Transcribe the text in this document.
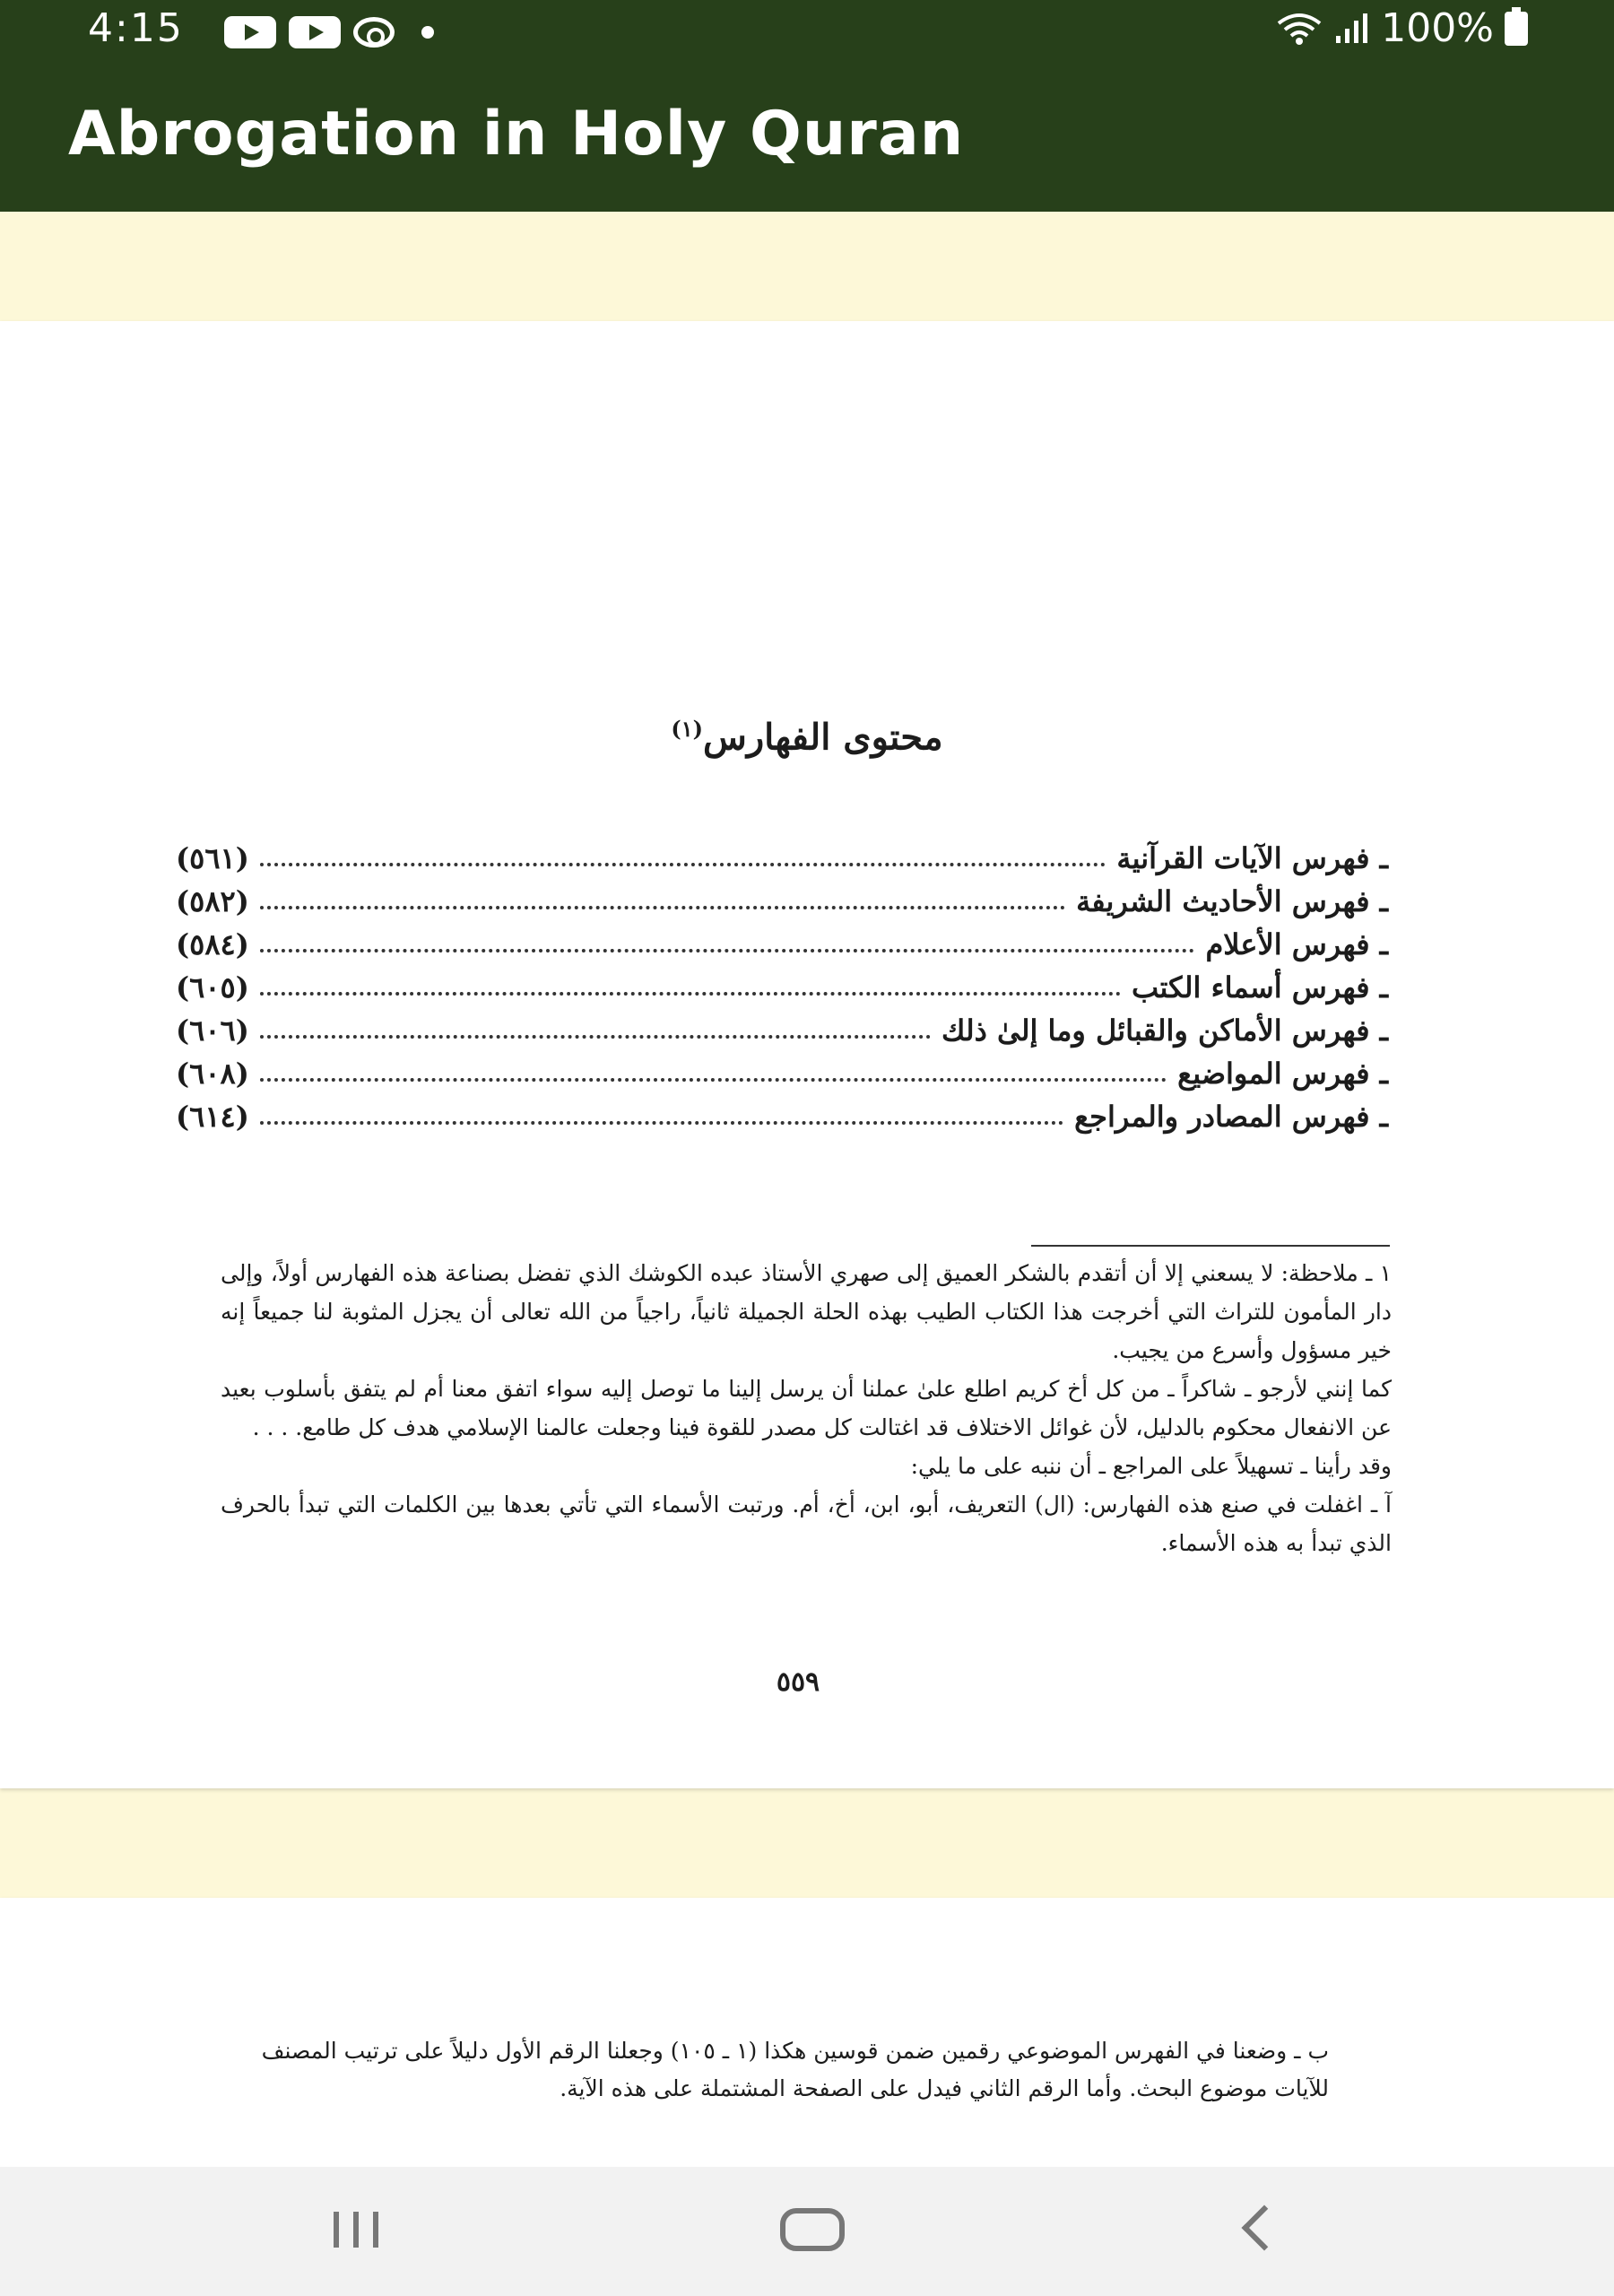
4:15	100%
Abrogation in Holy Quran
محتوى الفهارس$^{(١)}$
ـ فهرس الآيات القرآنية
(٥٦١)
ـ فهرس الأحاديث الشريفة
(٥٨٢)
ـ فهرس الأعلام
(٥٨٤)
ـ فهرس أسماء الكتب
(٦٠٥)
ـ فهرس الأماكن والقبائل وما إلىٰ ذلك
(٦٠٦)
ـ فهرس المواضيع
(٦٠٨)
ـ فهرس المصادر والمراجع
(٦١٤)

١ ـ ملاحظة: لا يسعني إلا أن أتقدم بالشكر العميق إلى صهري الأستاذ عبده الكوشك الذي تفضل بصناعة هذه الفهارس أولاً، وإلى دار المأمون للتراث التي أخرجت هذا الكتاب الطيب بهذه الحلة الجميلة ثانياً، راجياً من الله تعالى أن يجزل المثوبة لنا جميعاً إنه خير مسؤول وأسرع من يجيب.

كما إنني لأرجو ـ شاكراً ـ من كل أخ كريم اطلع علىٰ عملنا أن يرسل إلينا ما توصل إليه سواء اتفق معنا أم لم يتفق بأسلوب بعيد عن الانفعال محكوم بالدليل، لأن غوائل الاختلاف قد اغتالت كل مصدر للقوة فينا وجعلت عالمنا الإسلامي هدف كل طامع. . . .

وقد رأينا ـ تسهيلاً على المراجع ـ أن ننبه على ما يلي:

آ ـ اغفلت في صنع هذه الفهارس: (ال) التعريف، أبو، ابن، أخ، أم. ورتبت الأسماء التي تأتي بعدها بين الكلمات التي تبدأ بالحرف الذي تبدأ به هذه الأسماء.

٥٥٩

ب ـ وضعنا في الفهرس الموضوعي رقمين ضمن قوسين هكذا (١ ـ ١٠٥) وجعلنا الرقم الأول دليلاً على ترتيب المصنف للآيات موضوع البحث. وأما الرقم الثاني فيدل على الصفحة المشتملة على هذه الآية.
